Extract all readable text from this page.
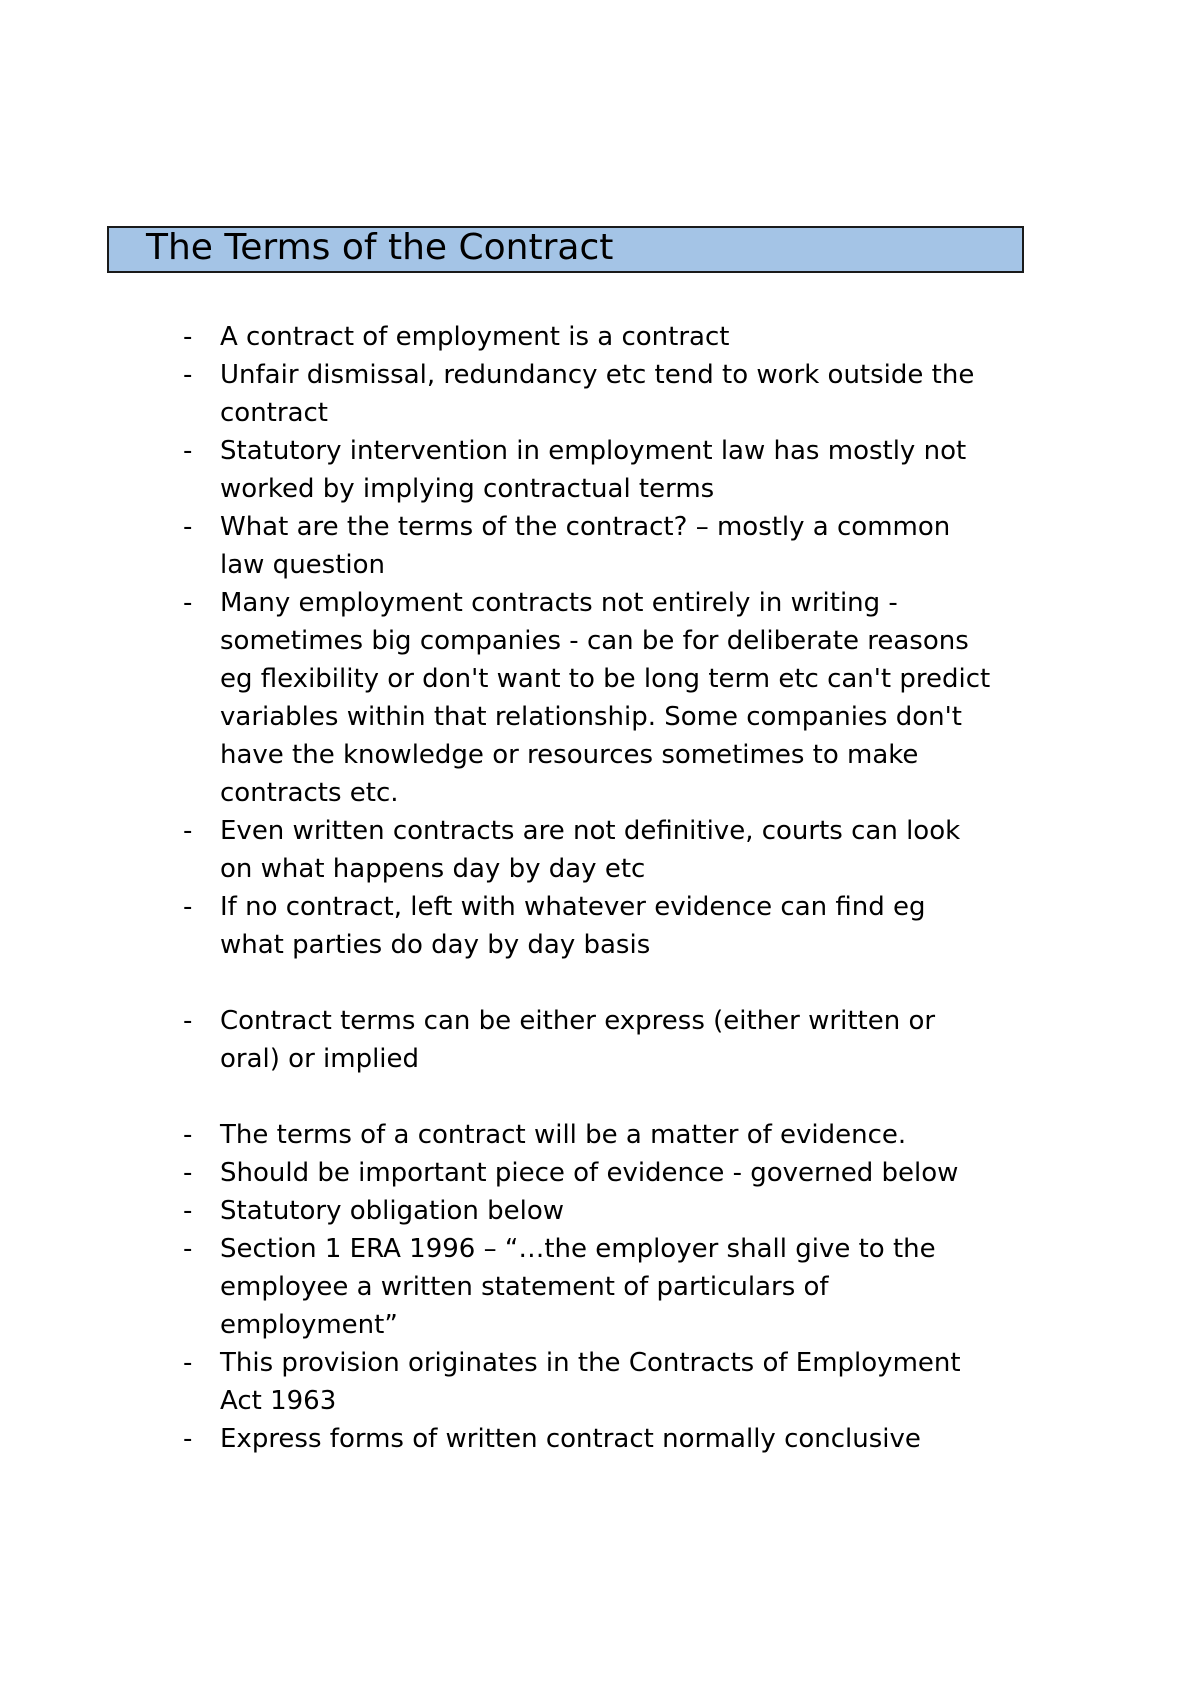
The Terms of the Contract
- A contract of employment is a contract
- Unfair dismissal, redundancy etc tend to work outside the
contract
- Statutory intervention in employment law has mostly not
worked by implying contractual terms
- What are the terms of the contract? – mostly a common
law question
- Many employment contracts not entirely in writing -
sometimes big companies - can be for deliberate reasons
eg flexibility or don't want to be long term etc can't predict
variables within that relationship. Some companies don't
have the knowledge or resources sometimes to make
contracts etc.
- Even written contracts are not definitive, courts can look
on what happens day by day etc
- If no contract, left with whatever evidence can find eg
what parties do day by day basis
- Contract terms can be either express (either written or
oral) or implied
- The terms of a contract will be a matter of evidence.
- Should be important piece of evidence - governed below
- Statutory obligation below
- Section 1 ERA 1996 – “…the employer shall give to the
employee a written statement of particulars of
employment”
- This provision originates in the Contracts of Employment
Act 1963
- Express forms of written contract normally conclusive
